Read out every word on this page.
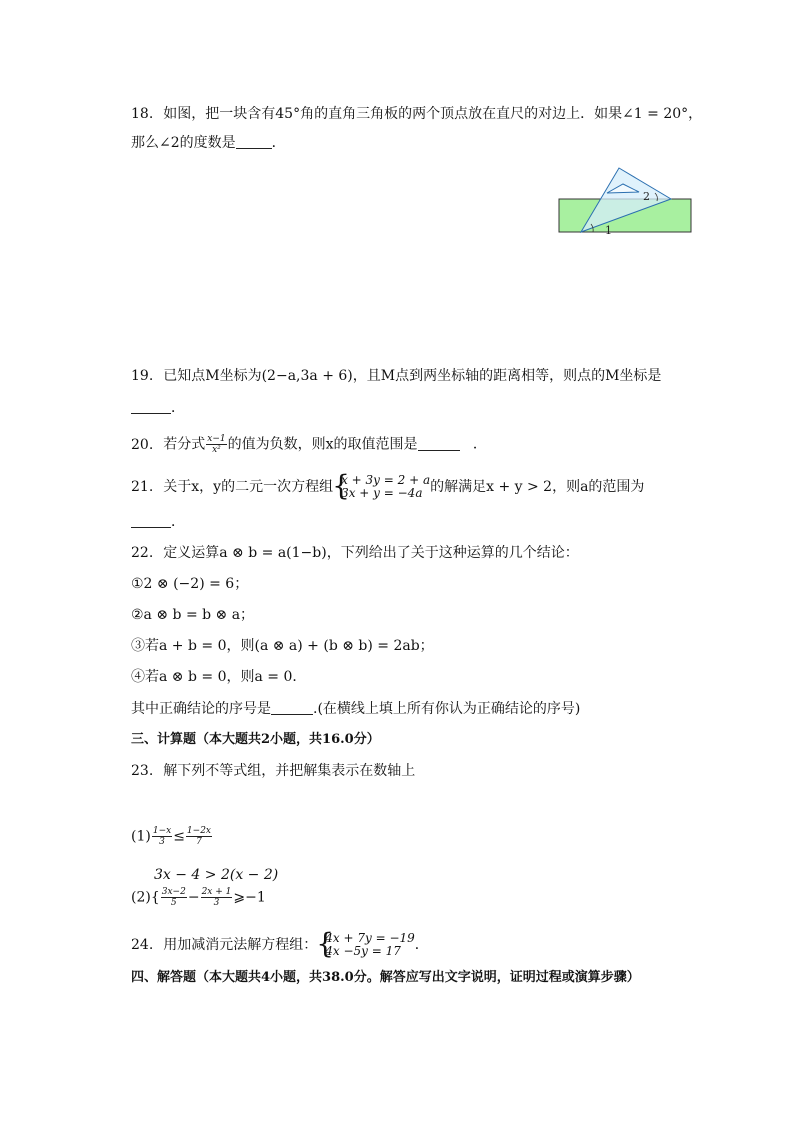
18. 如图，把一块含有45°角的直角三角板的两个顶点放在直尺的对边上．如果∠1 = 20°，
那么∠2的度数是	．
2
1
19. 已知点M坐标为(2−a,3a + 6)，且M点到两坐标轴的距离相等，则点的M坐标是
．
20. 若分式 $\frac{x-1}{\text{x²}}$ 的值为负数，则x的取值范围是	．
21. 关于x，y的二元一次方程组 { x + 3y = 2 + a
3x + y = −4a 的解满足x + y > 2，则a的范围为
．
22. 定义运算a ⊗ b = a(1−b)，下列给出了关于这种运算的几个结论：
①2 ⊗ (−2) = 6；
②a ⊗ b = b ⊗ a；
③若a + b = 0，则(a ⊗ a) + (b ⊗ b) = 2ab；
④若a ⊗ b = 0，则a = 0．
其中正确结论的序号是	.(在横线上填上所有你认为正确结论的序号)
三、计算题（本大题共2小题，共16.0分）
23. 解下列不等式组，并把解集表示在数轴上
$(1) \frac{1-x}{3} \le \frac{1-2x}{7}$
3x − 4 > 2(x − 2)
$(2)\{ \frac{3x-2}{5} - \frac{2x + 1}{3}$ ⩾−1
24. 用加减消元法解方程组： { 4x + 7y = −19
4x −5y = 17 ．
四、解答题（本大题共4小题，共38.0分。解答应写出文字说明，证明过程或演算步骤）
